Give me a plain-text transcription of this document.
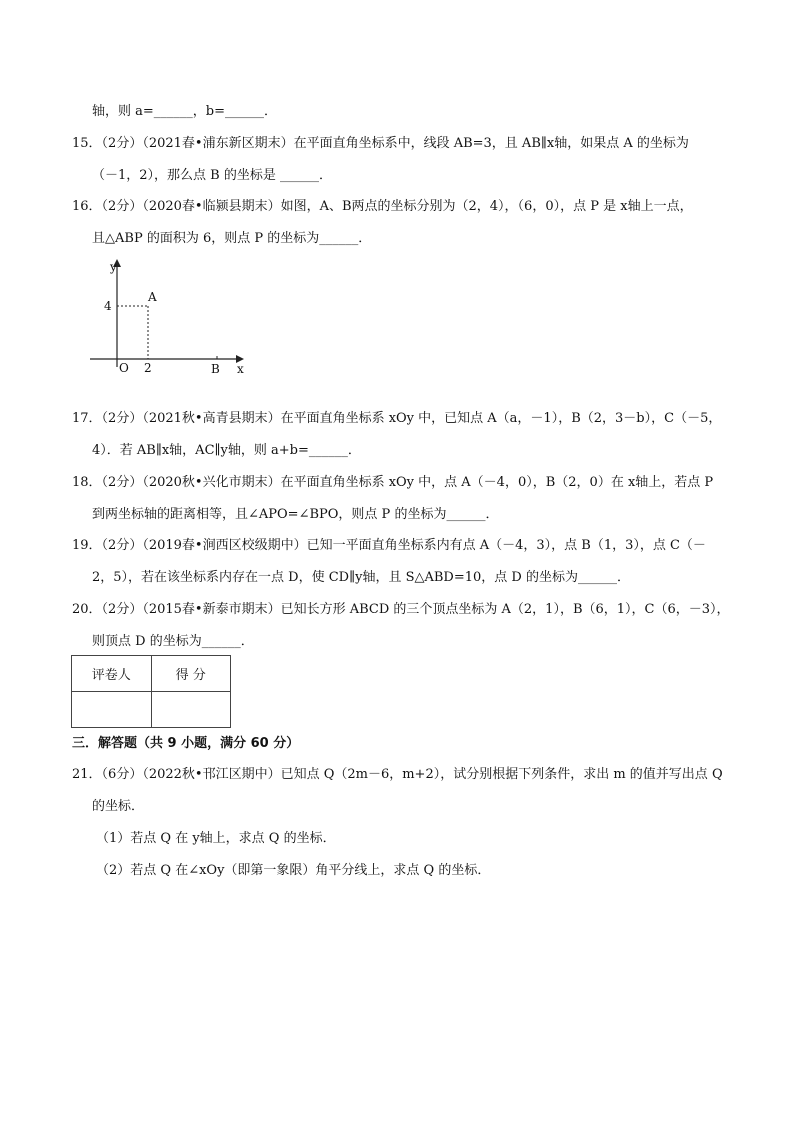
轴，则 a=______，b=______．
15．（2分）（2021春•浦东新区期末）在平面直角坐标系中，线段 AB=3，且 AB∥x轴，如果点 A 的坐标为
（－1，2），那么点 B 的坐标是 ______．
16．（2分）（2020春•临颍县期末）如图，A、B两点的坐标分别为（2，4），（6，0），点 P 是 x轴上一点，
且△ABP 的面积为 6，则点 P 的坐标为______．
y
x
O
A
B
4
2
17．（2分）（2021秋•高青县期末）在平面直角坐标系 xOy 中，已知点 A（a，－1），B（2，3－b），C（－5，
4）．若 AB∥x轴，AC∥y轴，则 a+b=______．
18．（2分）（2020秋•兴化市期末）在平面直角坐标系 xOy 中，点 A（－4，0），B（2，0）在 x轴上，若点 P
到两坐标轴的距离相等，且∠APO=∠BPO，则点 P 的坐标为______．
19．（2分）（2019春•涧西区校级期中）已知一平面直角坐标系内有点 A（－4，3），点 B（1，3），点 C（－
2，5），若在该坐标系内存在一点 D，使 CD∥y轴，且 S△ABD=10，点 D 的坐标为______．
20．（2分）（2015春•新泰市期末）已知长方形 ABCD 的三个顶点坐标为 A（2，1），B（6，1），C（6，－3），
则顶点 D 的坐标为______．
评卷人	得 分

三．解答题（共 9 小题，满分 60 分）
21．（6分）（2022秋•邗江区期中）已知点 Q（2m－6，m+2），试分别根据下列条件，求出 m 的值并写出点 Q
的坐标．
（1）若点 Q 在 y轴上，求点 Q 的坐标．
（2）若点 Q 在∠xOy（即第一象限）角平分线上，求点 Q 的坐标．
